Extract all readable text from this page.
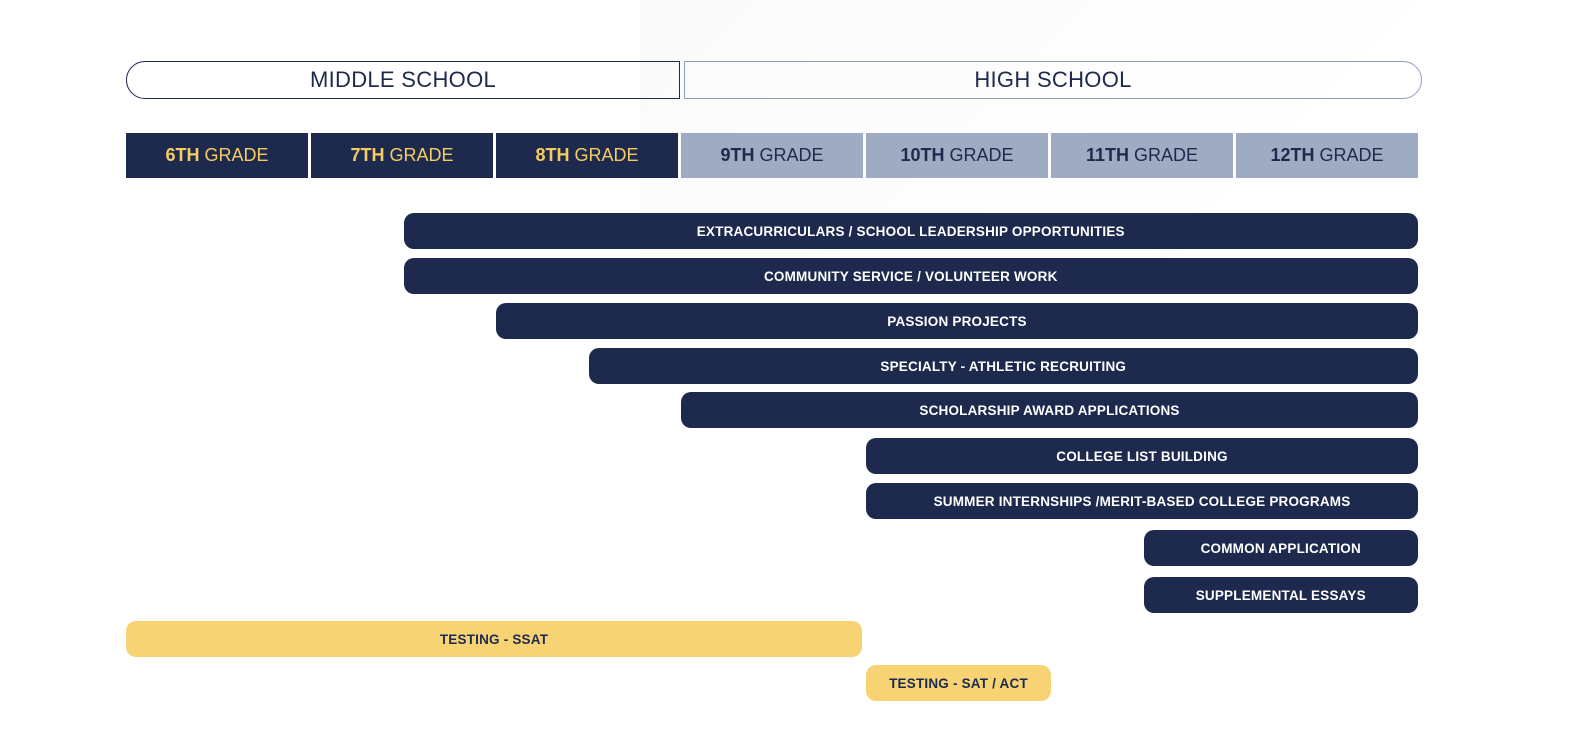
MIDDLE SCHOOL	HIGH SCHOOL
6TH GRADE	7TH GRADE	8TH GRADE	9TH GRADE	10TH GRADE	11TH GRADE	12TH GRADE
EXTRACURRICULARS / SCHOOL LEADERSHIP OPPORTUNITIES
COMMUNITY SERVICE / VOLUNTEER WORK
PASSION PROJECTS
SPECIALTY - ATHLETIC RECRUITING
SCHOLARSHIP AWARD APPLICATIONS
COLLEGE LIST BUILDING
SUMMER INTERNSHIPS /MERIT-BASED COLLEGE PROGRAMS
COMMON APPLICATION
SUPPLEMENTAL ESSAYS
TESTING - SSAT
TESTING - SAT / ACT
